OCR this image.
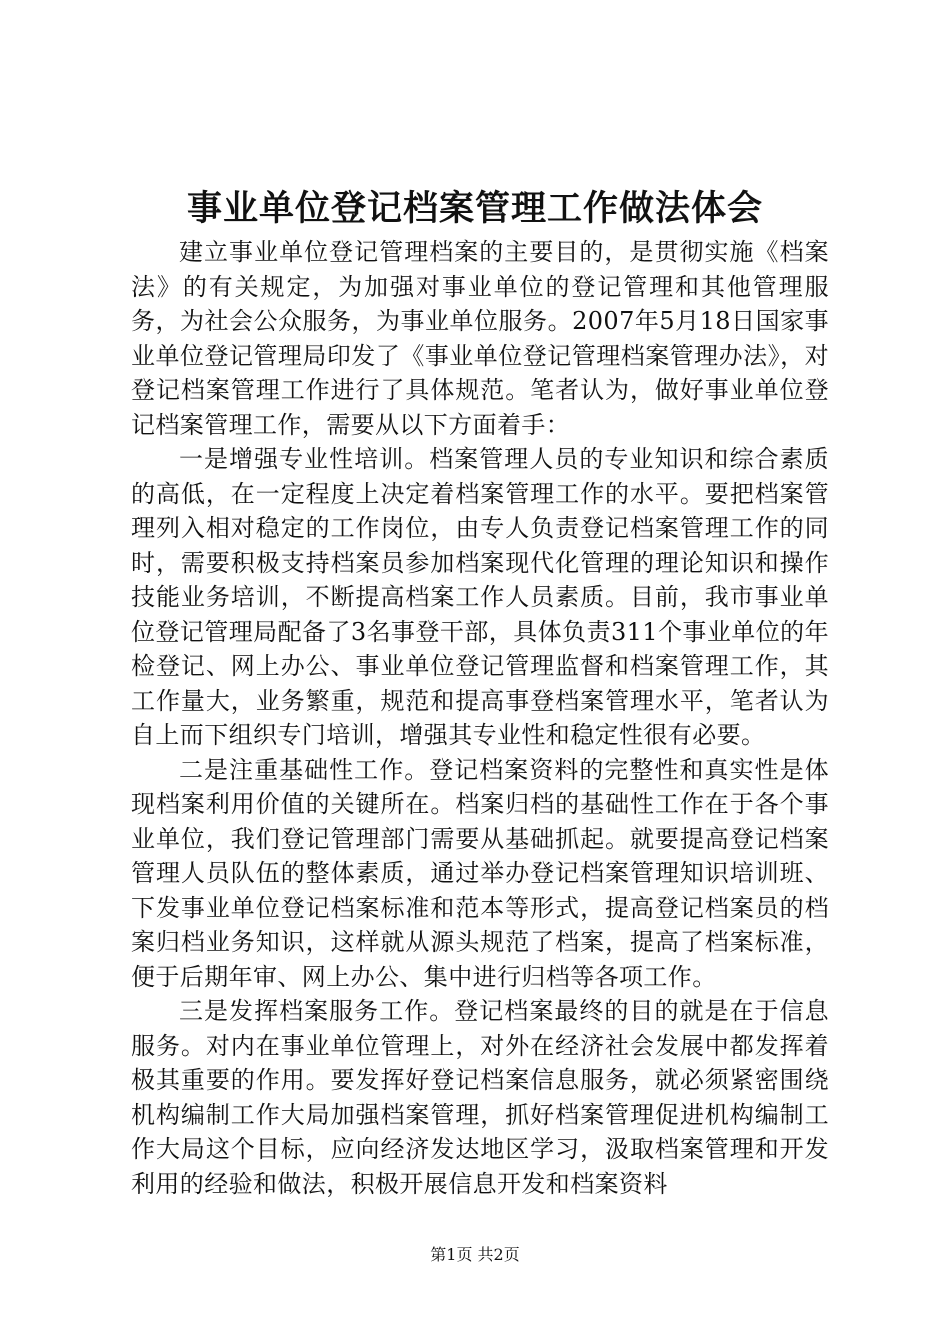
事业单位登记档案管理工作做法体会

建立事业单位登记管理档案的主要目的，是贯彻实施《档案法》的有关规定，为加强对事业单位的登记管理和其他管理服务，为社会公众服务，为事业单位服务。2007年5月18日国家事业单位登记管理局印发了《事业单位登记管理档案管理办法》，对登记档案管理工作进行了具体规范。笔者认为，做好事业单位登记档案管理工作，需要从以下方面着手：

一是增强专业性培训。档案管理人员的专业知识和综合素质的高低，在一定程度上决定着档案管理工作的水平。要把档案管理列入相对稳定的工作岗位，由专人负责登记档案管理工作的同时，需要积极支持档案员参加档案现代化管理的理论知识和操作技能业务培训，不断提高档案工作人员素质。目前，我市事业单位登记管理局配备了3名事登干部，具体负责311个事业单位的年检登记、网上办公、事业单位登记管理监督和档案管理工作，其工作量大，业务繁重，规范和提高事登档案管理水平，笔者认为自上而下组织专门培训，增强其专业性和稳定性很有必要。

二是注重基础性工作。登记档案资料的完整性和真实性是体现档案利用价值的关键所在。档案归档的基础性工作在于各个事业单位，我们登记管理部门需要从基础抓起。就要提高登记档案管理人员队伍的整体素质，通过举办登记档案管理知识培训班、下发事业单位登记档案标准和范本等形式，提高登记档案员的档案归档业务知识，这样就从源头规范了档案，提高了档案标准，便于后期年审、网上办公、集中进行归档等各项工作。

三是发挥档案服务工作。登记档案最终的目的就是在于信息服务。对内在事业单位管理上，对外在经济社会发展中都发挥着极其重要的作用。要发挥好登记档案信息服务，就必须紧密围绕机构编制工作大局加强档案管理，抓好档案管理促进机构编制工作大局这个目标，应向经济发达地区学习，汲取档案管理和开发利用的经验和做法，积极开展信息开发和档案资料

第1页 共2页
